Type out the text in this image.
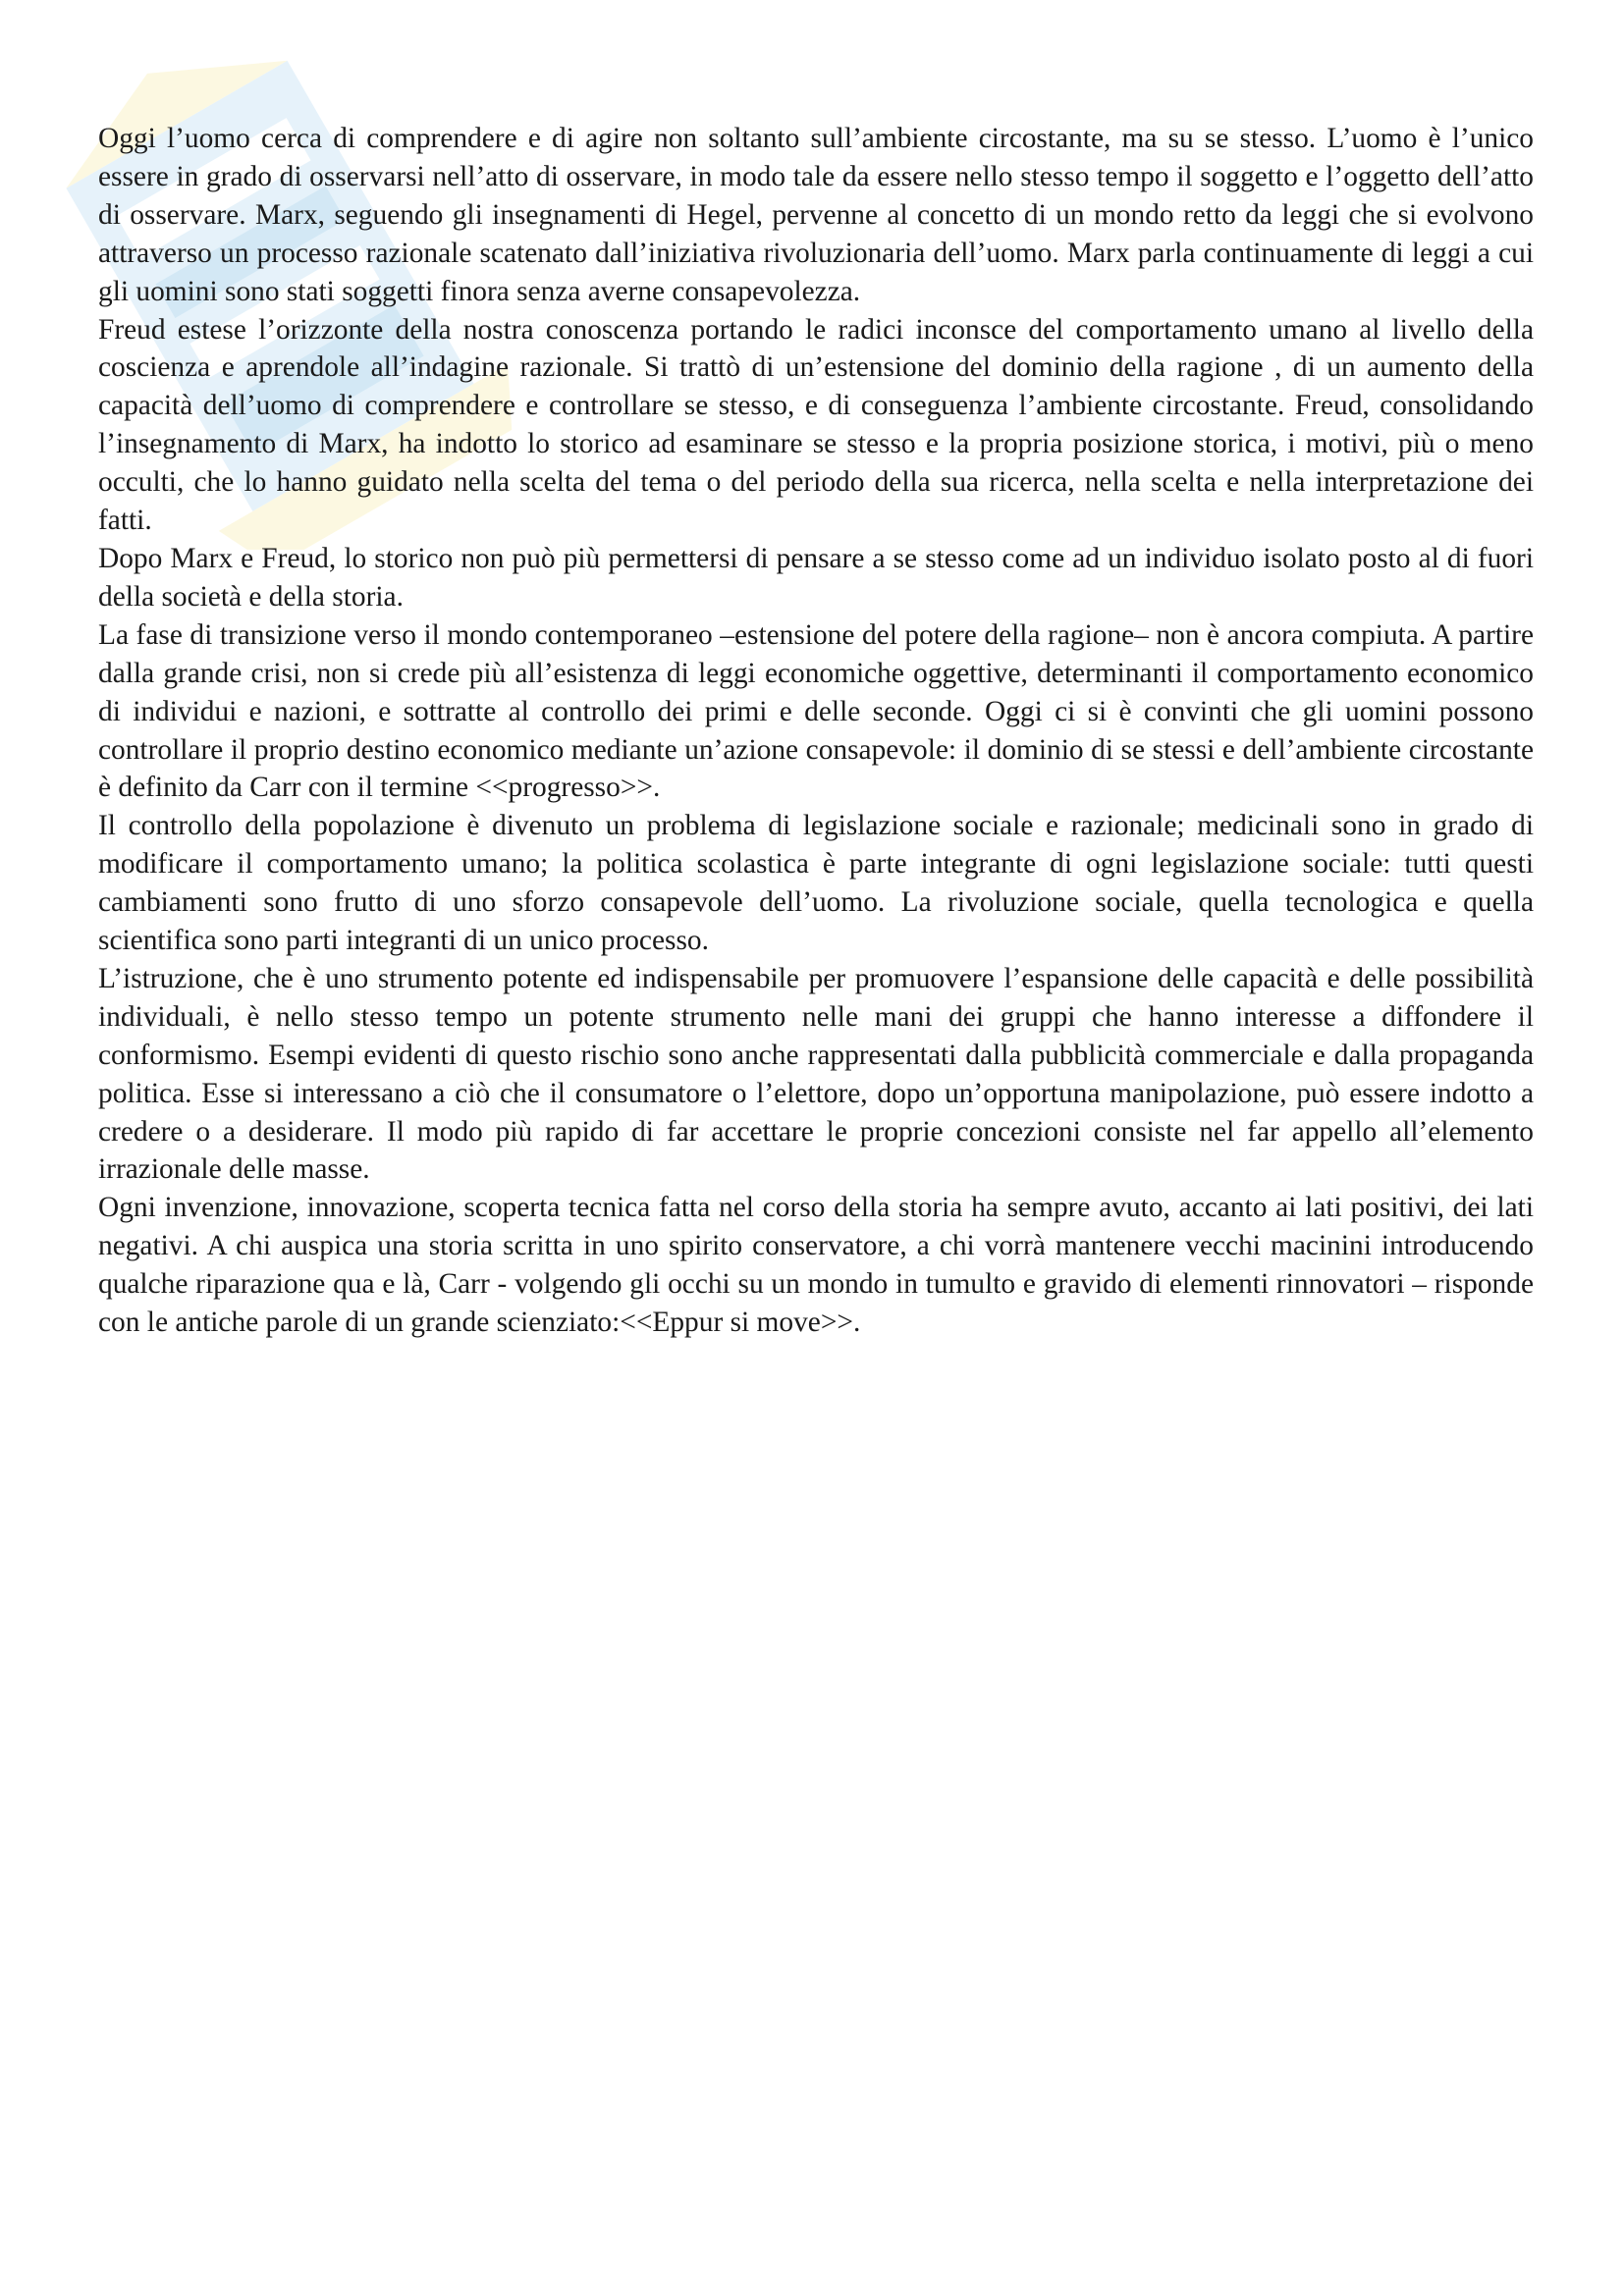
Oggi l’uomo cerca di comprendere e di agire non soltanto sull’ambiente circostante, ma su se stesso. L’uomo è l’unico essere in grado di osservarsi nell’atto di osservare, in modo tale da essere nello stesso tempo il soggetto e l’oggetto dell’atto di osservare. Marx, seguendo gli insegnamenti di Hegel, pervenne al concetto di un mondo retto da leggi che si evolvono attraverso un processo razionale scatenato dall’iniziativa rivoluzionaria dell’uomo. Marx parla continuamente di leggi a cui gli uomini sono stati soggetti finora senza averne consapevolezza.

Freud estese l’orizzonte della nostra conoscenza portando le radici inconsce del comportamento umano al livello della coscienza e aprendole all’indagine razionale. Si trattò di un’estensione del dominio della ragione , di un aumento della capacità dell’uomo di comprendere e controllare se stesso, e di conseguenza l’ambiente circostante. Freud, consolidando l’insegnamento di Marx, ha indotto lo storico ad esaminare se stesso e la propria posizione storica, i motivi, più o meno occulti, che lo hanno guidato nella scelta del tema o del periodo della sua ricerca, nella scelta e nella interpretazione dei fatti.

Dopo Marx e Freud, lo storico non può più permettersi di pensare a se stesso come ad un individuo isolato posto al di fuori della società e della storia.

La fase di transizione verso il mondo contemporaneo –estensione del potere della ragione– non è ancora compiuta. A partire dalla grande crisi, non si crede più all’esistenza di leggi economiche oggettive, determinanti il comportamento economico di individui e nazioni, e sottratte al controllo dei primi e delle seconde. Oggi ci si è convinti che gli uomini possono controllare il proprio destino economico mediante un’azione consapevole: il dominio di se stessi e dell’ambiente circostante è definito da Carr con il termine <<progresso>>.

Il controllo della popolazione è divenuto un problema di legislazione sociale e razionale; medicinali sono in grado di modificare il comportamento umano; la politica scolastica è parte integrante di ogni legislazione sociale: tutti questi cambiamenti sono frutto di uno sforzo consapevole dell’uomo. La rivoluzione sociale, quella tecnologica e quella scientifica sono parti integranti di un unico processo.

L’istruzione, che è uno strumento potente ed indispensabile per promuovere l’espansione delle capacità e delle possibilità individuali, è nello stesso tempo un potente strumento nelle mani dei gruppi che hanno interesse a diffondere il conformismo. Esempi evidenti di questo rischio sono anche rappresentati dalla pubblicità commerciale e dalla propaganda politica. Esse si interessano a ciò che il consumatore o l’elettore, dopo un’opportuna manipolazione, può essere indotto a credere o a desiderare. Il modo più rapido di far accettare le proprie concezioni consiste nel far appello all’elemento irrazionale delle masse.

Ogni invenzione, innovazione, scoperta tecnica fatta nel corso della storia ha sempre avuto, accanto ai lati positivi, dei lati negativi. A chi auspica una storia scritta in uno spirito conservatore, a chi vorrà mantenere vecchi macinini introducendo qualche riparazione qua e là, Carr - volgendo gli occhi su un mondo in tumulto e gravido di elementi rinnovatori – risponde con le antiche parole di un grande scienziato:<<Eppur si move>>.
